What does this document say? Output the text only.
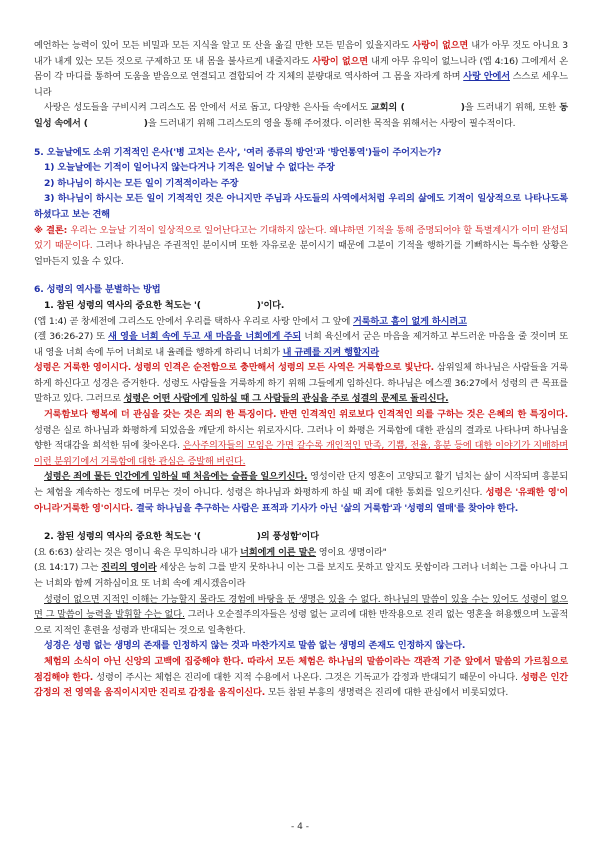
예언하는 능력이 있어 모든 비밀과 모든 지식을 알고 또 산을 옮길 만한 모든 믿음이 있을지라도 사랑이 없으면 내가 아무 것도 아니요 3 내가 내게 있는 모든 것으로 구제하고 또 내 몸을 불사르게 내줄지라도 사랑이 없으면 내게 아무 유익이 없느니라 (엡 4:16) 그에게서 온 몸이 각 마디를 통하여 도움을 받음으로 연결되고 결합되어 각 지체의 분량대로 역사하여 그 몸을 자라게 하며 사랑 안에서 스스로 세우느니라

사랑은 성도들을 구비시켜 그리스도 몸 안에서 서로 돕고, 다양한 은사들 속에서도 교회의 (	)을 드러내기 위해, 또한 동일성 속에서 (	)을 드러내기 위해 그리스도의 영을 통해 주어졌다. 이러한 목적을 위해서는 사랑이 필수적이다.

5. 오늘날에도 소위 기적적인 은사('병 고치는 은사', '여러 종류의 방언'과 '방언통역')들이 주어지는가?

1) 오늘날에는 기적이 일어나지 않는다거나 기적은 일어날 수 없다는 주장

2) 하나님이 하시는 모든 일이 기적적이라는 주장

3) 하나님이 하시는 모든 일이 기적적인 것은 아니지만 주님과 사도들의 사역에서처럼 우리의 삶에도 기적이 일상적으로 나타나도록 하셨다고 보는 견해

※ 결론: 우리는 오늘날 기적이 일상적으로 일어난다고는 기대하지 않는다. 왜냐하면 기적을 통해 증명되어야 할 특별계시가 이미 완성되었기 때문이다. 그러나 하나님은 주권적인 분이시며 또한 자유로운 분이시기 때문에 그분이 기적을 행하기를 기뻐하시는 특수한 상황은 얼마든지 있을 수 있다.

6. 성령의 역사를 분별하는 방법

1. 참된 성령의 역사의 중요한 척도는 '(	)'이다.

(엡 1:4) 곧 창세전에 그리스도 안에서 우리를 택하사 우리로 사랑 안에서 그 앞에 거룩하고 흠이 없게 하시려고

(겔 36:26-27) 또 새 영을 너희 속에 두고 새 마음을 너희에게 주되 너희 육신에서 굳은 마음을 제거하고 부드러운 마음을 줄 것이며 또 내 영을 너희 속에 두어 너희로 내 율례를 행하게 하리니 너희가 내 규례를 지켜 행할지라

성령은 거룩한 영이시다. 성령의 인격은 순전함으로 충만해서 성령의 모든 사역은 거룩함으로 빛난다. 삼위일체 하나님은 사람들을 거룩하게 하신다고 성경은 증거한다. 성령도 사람들을 거룩하게 하기 위해 그들에게 임하신다. 하나님은 에스겔 36:27에서 성령의 큰 목표를 말하고 있다. 그러므로 성령은 어떤 사람에게 임하실 때 그 사람들의 관심을 주로 성결의 문제로 돌리신다.

거룩함보다 행복에 더 관심을 갖는 것은 죄의 한 특징이다. 반면 인격적인 위로보다 인격적인 의를 구하는 것은 은혜의 한 특징이다. 성령은 실로 하나님과 화평하게 되었음을 깨닫게 하시는 위로자시다. 그러나 이 화평은 거룩함에 대한 관심의 결과로 나타나며 하나님을 향한 적대감을 희석한 뒤에 찾아온다. 은사주의자들의 모임은 가면 갈수록 개인적인 만족, 기쁨, 전율, 흥분 등에 대한 이야기가 지배하며 이런 분위기에서 거룩함에 대한 관심은 증발해 버린다.

성령은 죄에 물든 인간에게 임하실 때 처음에는 슬픔을 일으키신다. 영성이란 단지 영혼이 고양되고 활기 넘치는 삶이 시작되며 흥분되는 체험을 계속하는 정도에 머무는 것이 아니다. 성령은 하나님과 화평하게 하실 때 죄에 대한 통회를 일으키신다. 성령은 '유쾌한 영'이 아니라'거룩한 영'이시다. 결국 하나님을 추구하는 사람은 표적과 기사가 아닌 '삶의 거룩함'과 '성령의 열매'를 찾아야 한다.

2. 참된 성령의 역사의 중요한 척도는 '(	)의 풍성함'이다

(요 6:63) 살리는 것은 영이니 육은 무익하니라 내가 너희에게 이른 말은 영이요 생명이라"

(요 14:17) 그는 진리의 영이라 세상은 능히 그를 받지 못하나니 이는 그를 보지도 못하고 알지도 못함이라 그러나 너희는 그를 아나니 그는 너희와 함께 거하심이요 또 너희 속에 계시겠음이라

성령이 없으면 지적인 이해는 가능할지 몰라도 경험에 바탕을 둔 생명은 있을 수 없다. 하나님의 말씀이 있을 수는 있어도 성령이 없으면 그 말씀이 능력을 발휘할 수는 없다. 그러나 오순절주의자들은 성령 없는 교리에 대한 반작용으로 진리 없는 영혼을 허용했으며 노골적으로 지적인 훈련을 성령과 반대되는 것으로 일축한다.

성경은 성령 없는 생명의 존재를 인정하지 않는 것과 마찬가지로 말씀 없는 생명의 존재도 인정하지 않는다.

체험의 소식이 아닌 신앙의 고백에 집중해야 한다. 따라서 모든 체험은 하나님의 말씀이라는 객관적 기준 앞에서 말씀의 가르침으로 점검해야 한다. 성령이 주시는 체험은 진리에 대한 지적 수용에서 나온다. 그것은 기독교가 감정과 반대되기 때문이 아니다. 성령은 인간 감정의 전 영역을 움직이시지만 진리로 감정을 움직이신다. 모든 참된 부흥의 생명력은 진리에 대한 관심에서 비롯되었다.

- 4 -
